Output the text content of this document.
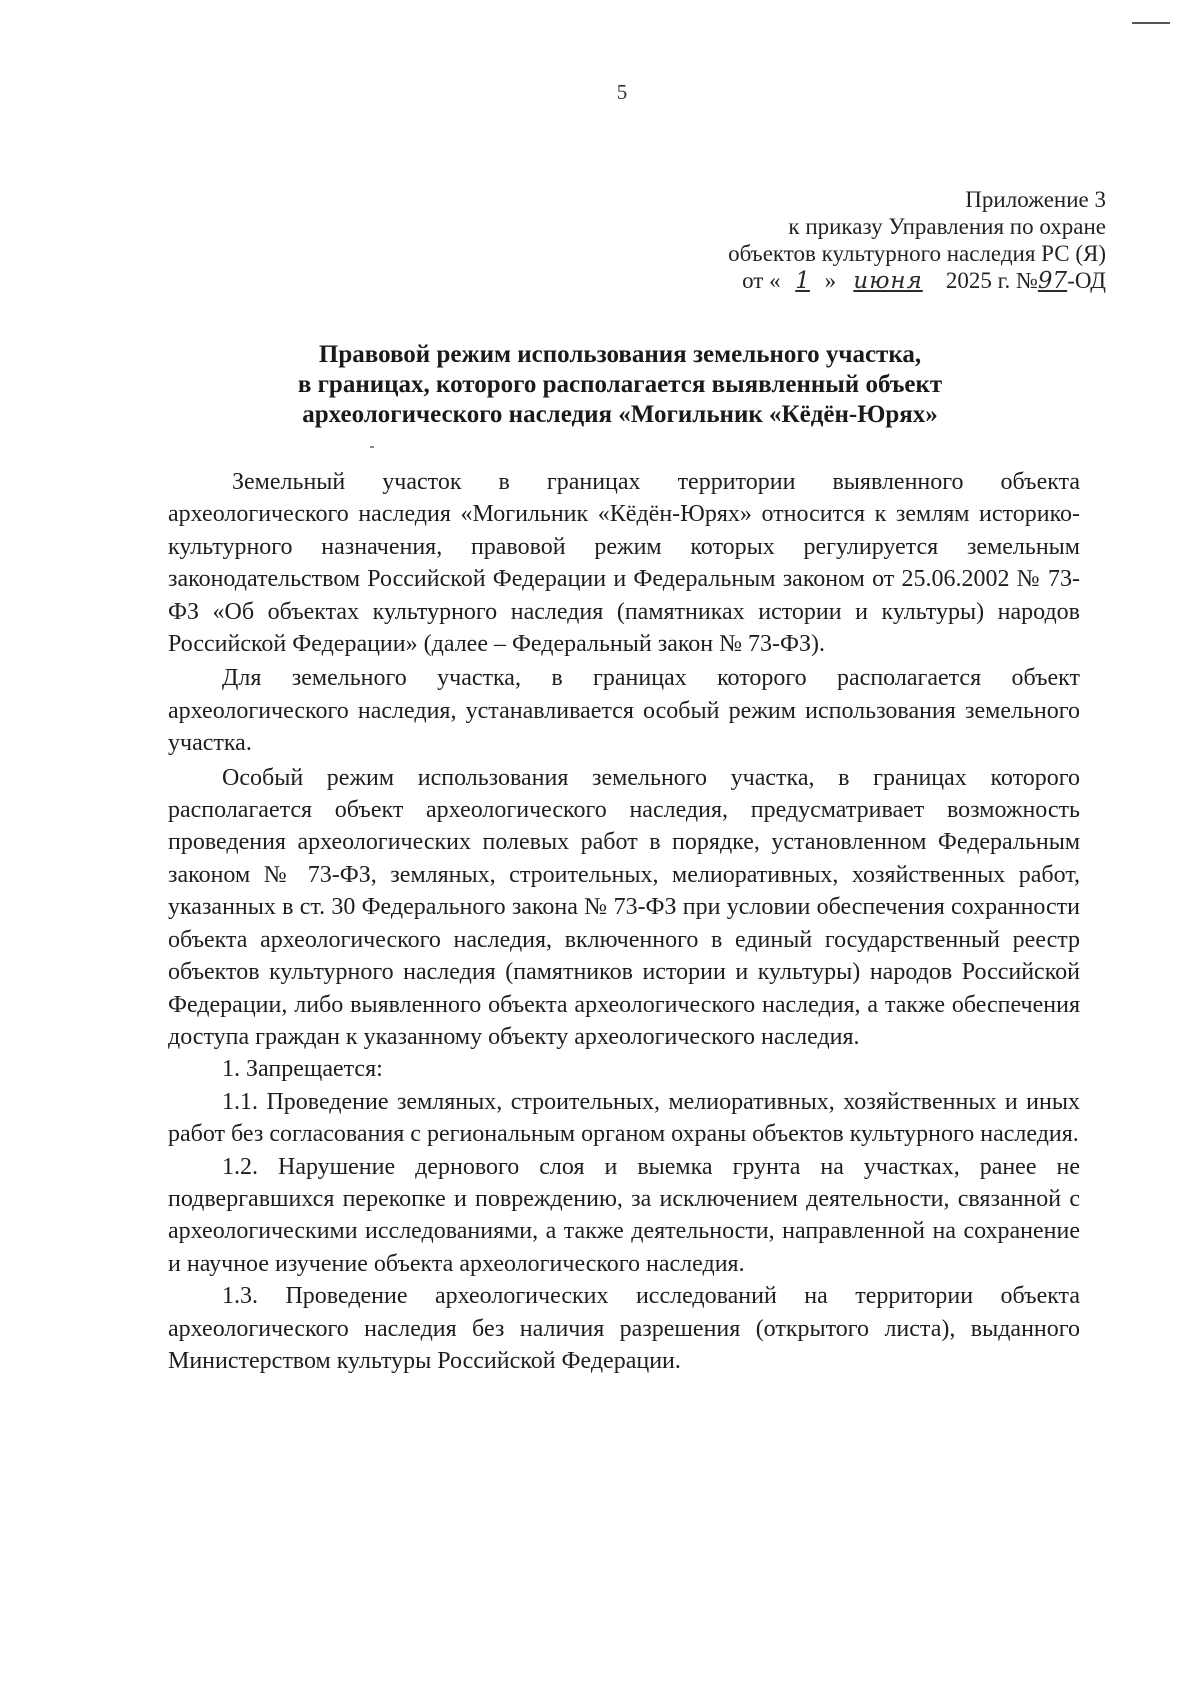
5
Приложение 3
к приказу Управления по охране
объектов культурного наследия РС (Я)
от « 1 » июня 2025 г. №97-ОД
Правовой режим использования земельного участка,
в границах, которого располагается выявленный объект
археологического наследия «Могильник «Кёдён-Юрях»

Земельный участок в границах территории выявленного объекта археологического наследия «Могильник «Кёдён-Юрях» относится к землям историко-культурного назначения, правовой режим которых регулируется земельным законодательством Российской Федерации и Федеральным законом от 25.06.2002 № 73-ФЗ «Об объектах культурного наследия (памятниках истории и культуры) народов Российской Федерации» (далее – Федеральный закон № 73-ФЗ).

Для земельного участка, в границах которого располагается объект археологического наследия, устанавливается особый режим использования земельного участка.

Особый режим использования земельного участка, в границах которого располагается объект археологического наследия, предусматривает возможность проведения археологических полевых работ в порядке, установленном Федеральным законом № 73-ФЗ, земляных, строительных, мелиоративных, хозяйственных работ, указанных в ст. 30 Федерального закона № 73-ФЗ при условии обеспечения сохранности объекта археологического наследия, включенного в единый государственный реестр объектов культурного наследия (памятников истории и культуры) народов Российской Федерации, либо выявленного объекта археологического наследия, а также обеспечения доступа граждан к указанному объекту археологического наследия.

1. Запрещается:

1.1. Проведение земляных, строительных, мелиоративных, хозяйственных и иных работ без согласования с региональным органом охраны объектов культурного наследия.

1.2. Нарушение дернового слоя и выемка грунта на участках, ранее не подвергавшихся перекопке и повреждению, за исключением деятельности, связанной с археологическими исследованиями, а также деятельности, направленной на сохранение и научное изучение объекта археологического наследия.

1.3. Проведение археологических исследований на территории объекта археологического наследия без наличия разрешения (открытого листа), выданного Министерством культуры Российской Федерации.
